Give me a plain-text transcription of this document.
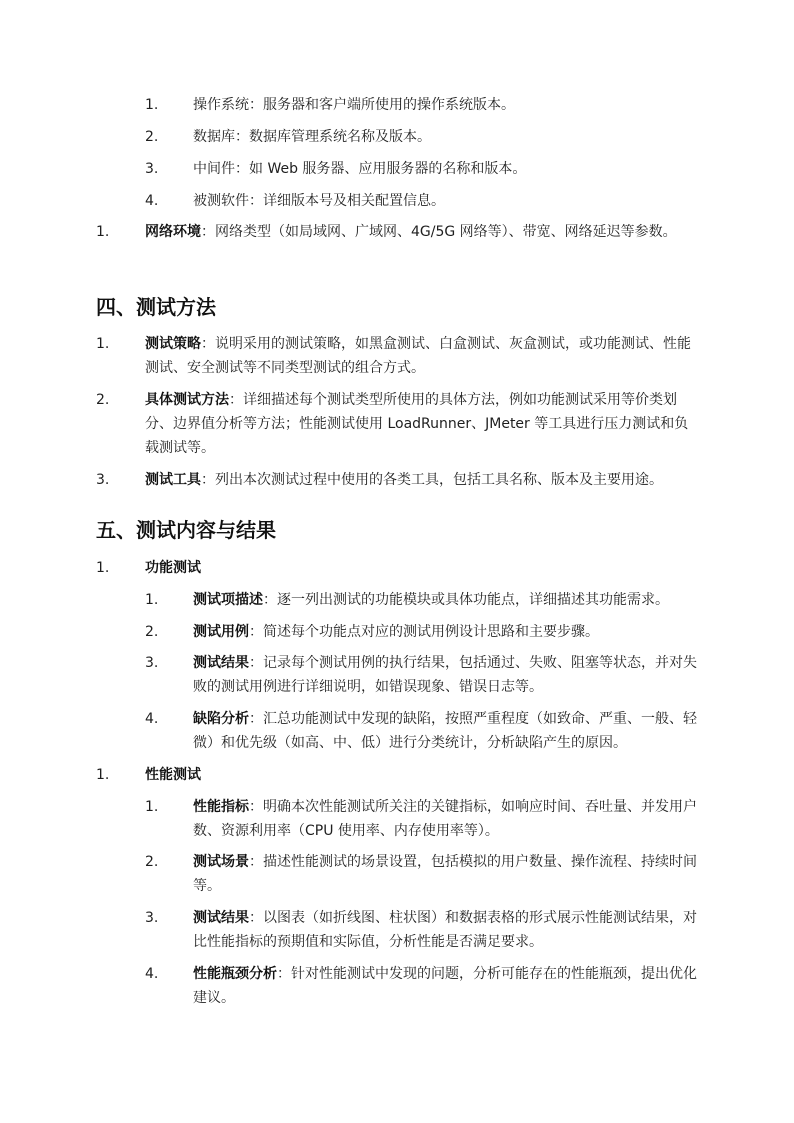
1. 操作系统：服务器和客户端所使用的操作系统版本。
2. 数据库：数据库管理系统名称及版本。
3. 中间件：如 Web 服务器、应用服务器的名称和版本。
4. 被测软件：详细版本号及相关配置信息。
1.	网络环境：网络类型（如局域网、广域网、4G/5G 网络等）、带宽、网络延迟等参数。
四、测试方法
1.	测试策略：说明采用的测试策略，如黑盒测试、白盒测试、灰盒测试，或功能测试、性能测试、安全测试等不同类型测试的组合方式。
2.	具体测试方法：详细描述每个测试类型所使用的具体方法，例如功能测试采用等价类划分、边界值分析等方法；性能测试使用 LoadRunner、JMeter 等工具进行压力测试和负载测试等。
3.	测试工具：列出本次测试过程中使用的各类工具，包括工具名称、版本及主要用途。
五、测试内容与结果
1.	功能测试
1. 测试项描述：逐一列出测试的功能模块或具体功能点，详细描述其功能需求。
2. 测试用例：简述每个功能点对应的测试用例设计思路和主要步骤。
3. 测试结果：记录每个测试用例的执行结果，包括通过、失败、阻塞等状态，并对失败的测试用例进行详细说明，如错误现象、错误日志等。
4. 缺陷分析：汇总功能测试中发现的缺陷，按照严重程度（如致命、严重、一般、轻微）和优先级（如高、中、低）进行分类统计，分析缺陷产生的原因。
1.	性能测试
1. 性能指标：明确本次性能测试所关注的关键指标，如响应时间、吞吐量、并发用户数、资源利用率（CPU 使用率、内存使用率等）。
2. 测试场景：描述性能测试的场景设置，包括模拟的用户数量、操作流程、持续时间等。
3. 测试结果：以图表（如折线图、柱状图）和数据表格的形式展示性能测试结果，对比性能指标的预期值和实际值，分析性能是否满足要求。
4. 性能瓶颈分析：针对性能测试中发现的问题，分析可能存在的性能瓶颈，提出优化建议。
